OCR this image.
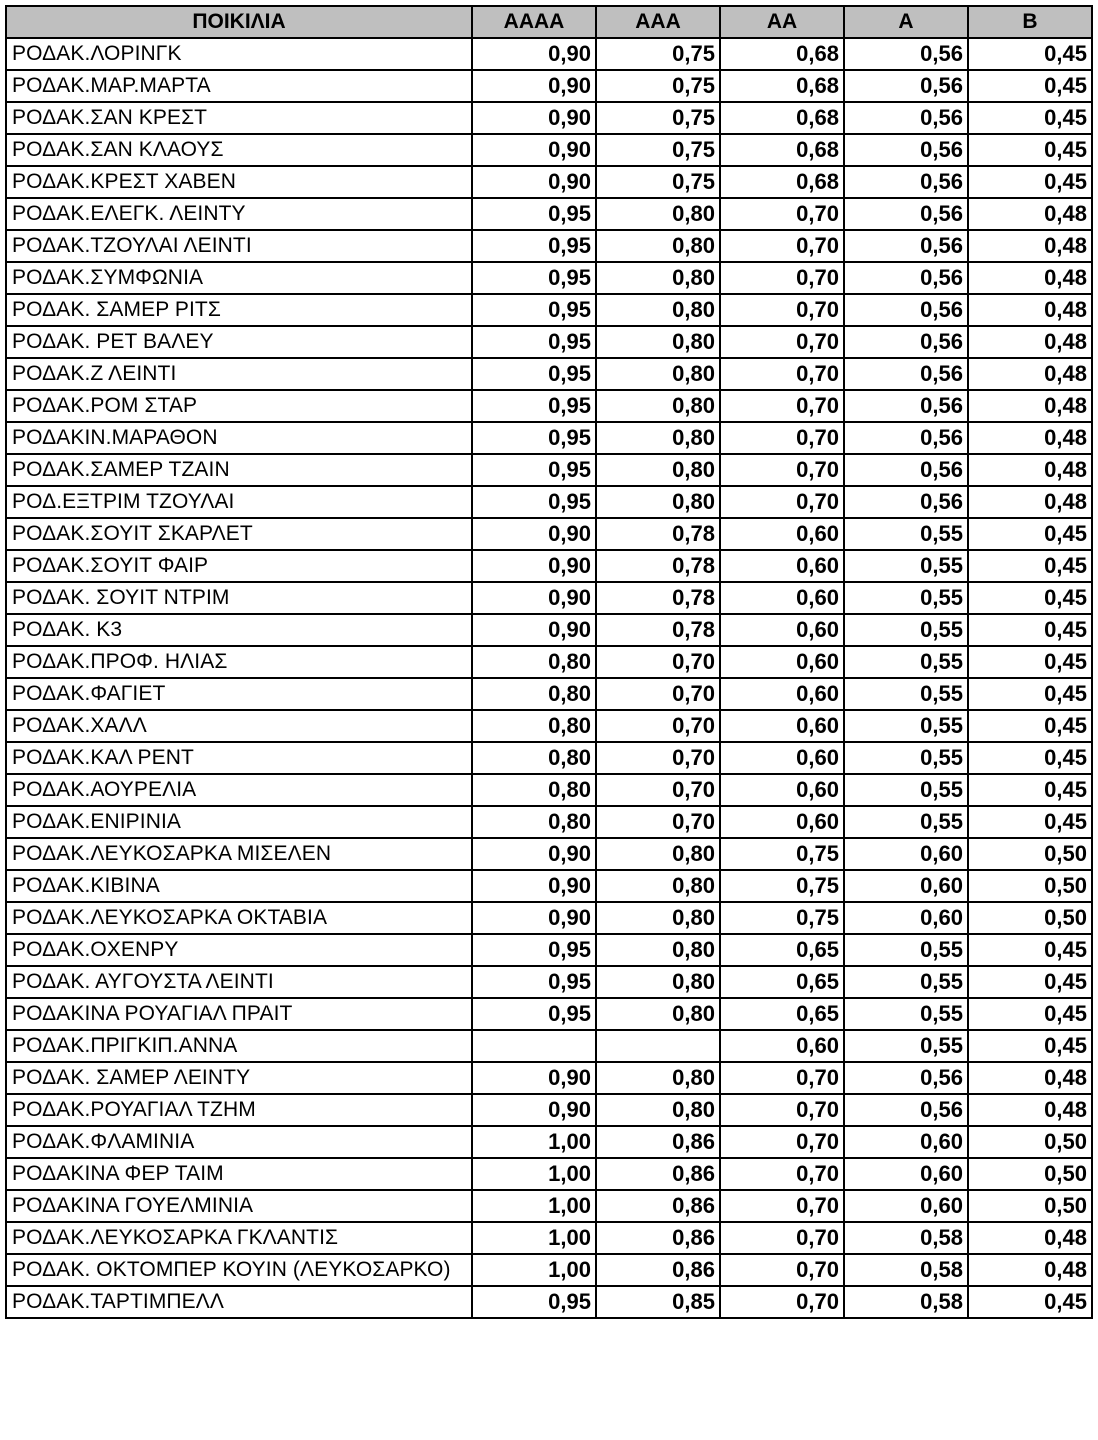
ΠΟΙΚΙΛΙΑ	ΑΑΑΑ	ΑΑΑ	ΑΑ	Α	Β
ΡΟΔΑΚ.ΛΟΡΙΝΓΚ	0,90	0,75	0,68	0,56	0,45
ΡΟΔΑΚ.ΜΑΡ.ΜΑΡΤΑ	0,90	0,75	0,68	0,56	0,45
ΡΟΔΑΚ.ΣΑΝ ΚΡΕΣΤ	0,90	0,75	0,68	0,56	0,45
ΡΟΔΑΚ.ΣΑΝ ΚΛΑΟΥΣ	0,90	0,75	0,68	0,56	0,45
ΡΟΔΑΚ.ΚΡΕΣΤ ΧΑΒΕΝ	0,90	0,75	0,68	0,56	0,45
ΡΟΔΑΚ.ΕΛΕΓΚ. ΛΕΙΝΤΥ	0,95	0,80	0,70	0,56	0,48
ΡΟΔΑΚ.ΤΖΟΥΛΑΙ ΛΕΙΝΤΙ	0,95	0,80	0,70	0,56	0,48
ΡΟΔΑΚ.ΣΥΜΦΩΝΙΑ	0,95	0,80	0,70	0,56	0,48
ΡΟΔΑΚ. ΣΑΜΕΡ ΡΙΤΣ	0,95	0,80	0,70	0,56	0,48
ΡΟΔΑΚ. ΡΕΤ ΒΑΛΕΥ	0,95	0,80	0,70	0,56	0,48
ΡΟΔΑΚ.Ζ ΛΕΙΝΤΙ	0,95	0,80	0,70	0,56	0,48
ΡΟΔΑΚ.ΡΟΜ ΣΤΑΡ	0,95	0,80	0,70	0,56	0,48
ΡΟΔΑΚΙΝ.ΜΑΡΑΘΟΝ	0,95	0,80	0,70	0,56	0,48
ΡΟΔΑΚ.ΣΑΜΕΡ ΤΖΑΙΝ	0,95	0,80	0,70	0,56	0,48
ΡΟΔ.ΕΞΤΡΙΜ ΤΖΟΥΛΑΙ	0,95	0,80	0,70	0,56	0,48
ΡΟΔΑΚ.ΣΟΥΙΤ ΣΚΑΡΛΕΤ	0,90	0,78	0,60	0,55	0,45
ΡΟΔΑΚ.ΣΟΥΙΤ ΦΑΙΡ	0,90	0,78	0,60	0,55	0,45
ΡΟΔΑΚ. ΣΟΥΙΤ ΝΤΡΙΜ	0,90	0,78	0,60	0,55	0,45
ΡΟΔΑΚ. Κ3	0,90	0,78	0,60	0,55	0,45
ΡΟΔΑΚ.ΠΡΟΦ. ΗΛΙΑΣ	0,80	0,70	0,60	0,55	0,45
ΡΟΔΑΚ.ΦΑΓΙΕΤ	0,80	0,70	0,60	0,55	0,45
ΡΟΔΑΚ.ΧΑΛΛ	0,80	0,70	0,60	0,55	0,45
ΡΟΔΑΚ.ΚΑΛ ΡΕΝΤ	0,80	0,70	0,60	0,55	0,45
ΡΟΔΑΚ.ΑΟΥΡΕΛΙΑ	0,80	0,70	0,60	0,55	0,45
ΡΟΔΑΚ.ΕΝΙΡΙΝΙΑ	0,80	0,70	0,60	0,55	0,45
ΡΟΔΑΚ.ΛΕΥΚΟΣΑΡΚΑ ΜΙΣΕΛΕΝ	0,90	0,80	0,75	0,60	0,50
ΡΟΔΑΚ.ΚΙΒΙΝΑ	0,90	0,80	0,75	0,60	0,50
ΡΟΔΑΚ.ΛΕΥΚΟΣΑΡΚΑ ΟΚΤΑΒΙΑ	0,90	0,80	0,75	0,60	0,50
ΡΟΔΑΚ.ΟΧΕΝΡΥ	0,95	0,80	0,65	0,55	0,45
ΡΟΔΑΚ. ΑΥΓΟΥΣΤΑ ΛΕΙΝΤΙ	0,95	0,80	0,65	0,55	0,45
ΡΟΔΑΚΙΝΑ ΡΟΥΑΓΙΑΛ ΠΡΑΙΤ	0,95	0,80	0,65	0,55	0,45
ΡΟΔΑΚ.ΠΡΙΓΚΙΠ.ΑΝΝΑ			0,60	0,55	0,45
ΡΟΔΑΚ. ΣΑΜΕΡ ΛΕΙΝΤΥ	0,90	0,80	0,70	0,56	0,48
ΡΟΔΑΚ.ΡΟΥΑΓΙΑΛ ΤΖΗΜ	0,90	0,80	0,70	0,56	0,48
ΡΟΔΑΚ.ΦΛΑΜΙΝΙΑ	1,00	0,86	0,70	0,60	0,50
ΡΟΔΑΚΙΝΑ ΦΕΡ ΤΑΙΜ	1,00	0,86	0,70	0,60	0,50
ΡΟΔΑΚΙΝΑ ΓΟΥΕΛΜΙΝΙΑ	1,00	0,86	0,70	0,60	0,50
ΡΟΔΑΚ.ΛΕΥΚΟΣΑΡΚΑ ΓΚΛΑΝΤΙΣ	1,00	0,86	0,70	0,58	0,48
ΡΟΔΑΚ. ΟΚΤΟΜΠΕΡ ΚΟΥΙΝ (ΛΕΥΚΟΣΑΡΚΟ)	1,00	0,86	0,70	0,58	0,48
ΡΟΔΑΚ.ΤΑΡΤΙΜΠΕΛΛ	0,95	0,85	0,70	0,58	0,45
